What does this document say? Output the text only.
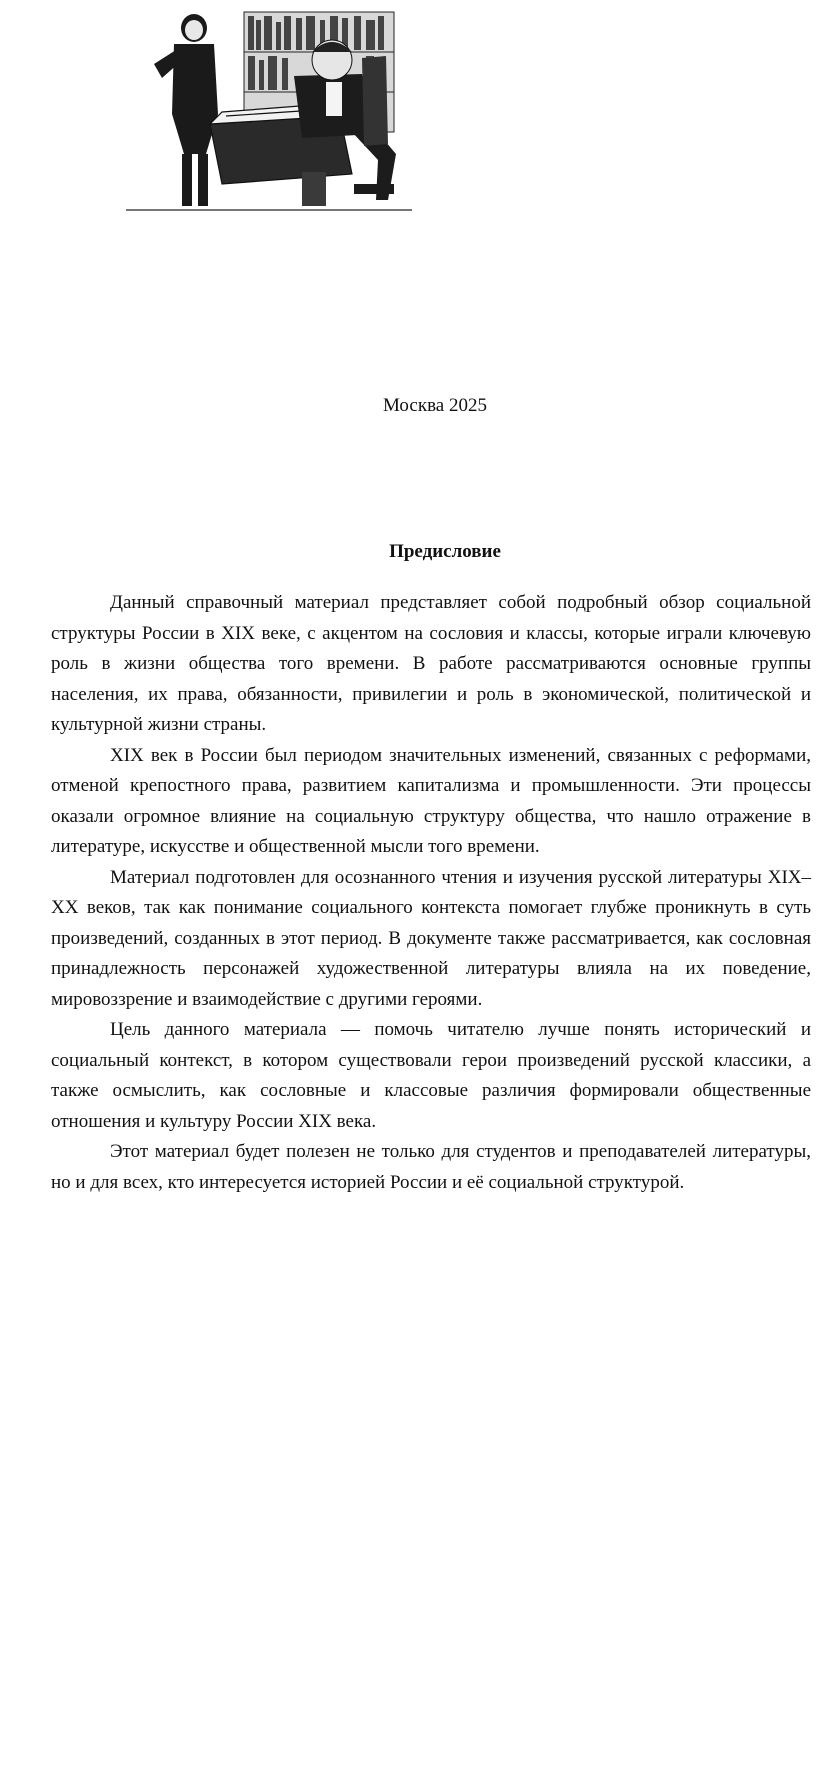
Москва 2025
Предисловие

Данный справочный материал представляет собой подробный обзор социальной структуры России в XIX веке, с акцентом на сословия и классы, которые играли ключевую роль в жизни общества того времени. В работе рассматриваются основные группы населения, их права, обязанности, привилегии и роль в экономической, политической и культурной жизни страны.

XIX век в России был периодом значительных изменений, связанных с реформами, отменой крепостного права, развитием капитализма и промышленности. Эти процессы оказали огромное влияние на социальную структуру общества, что нашло отражение в литературе, искусстве и общественной мысли того времени.

Материал подготовлен для осознанного чтения и изучения русской литературы XIX–XX веков, так как понимание социального контекста помогает глубже проникнуть в суть произведений, созданных в этот период. В документе также рассматривается, как сословная принадлежность персонажей художественной литературы влияла на их поведение, мировоззрение и взаимодействие с другими героями.

Цель данного материала — помочь читателю лучше понять исторический и социальный контекст, в котором существовали герои произведений русской классики, а также осмыслить, как сословные и классовые различия формировали общественные отношения и культуру России XIX века.

Этот материал будет полезен не только для студентов и преподавателей литературы, но и для всех, кто интересуется историей России и её социальной структурой.
